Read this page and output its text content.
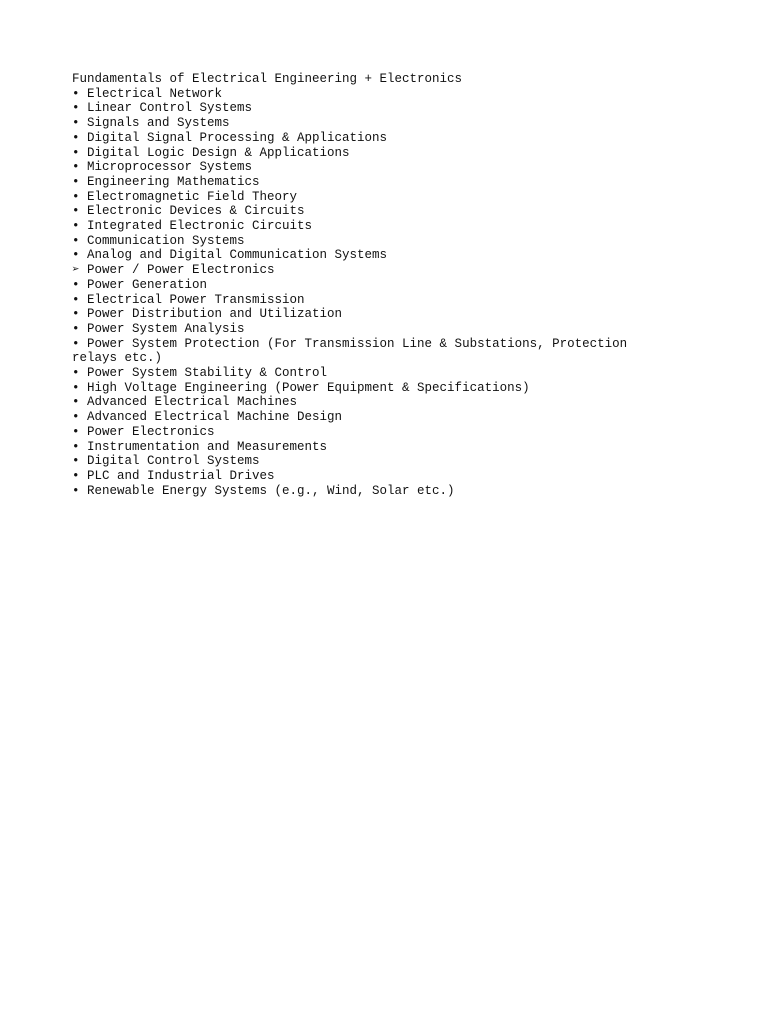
Fundamentals of Electrical Engineering + Electronics

• Electrical Network

• Linear Control Systems

• Signals and Systems

• Digital Signal Processing & Applications

• Digital Logic Design & Applications

• Microprocessor Systems

• Engineering Mathematics

• Electromagnetic Field Theory

• Electronic Devices & Circuits

• Integrated Electronic Circuits

• Communication Systems

• Analog and Digital Communication Systems

➢ Power / Power Electronics

• Power Generation

• Electrical Power Transmission

• Power Distribution and Utilization

• Power System Analysis

• Power System Protection (For Transmission Line & Substations, Protection relays etc.)

• Power System Stability & Control

• High Voltage Engineering (Power Equipment & Specifications)

• Advanced Electrical Machines

• Advanced Electrical Machine Design

• Power Electronics

• Instrumentation and Measurements

• Digital Control Systems

• PLC and Industrial Drives

• Renewable Energy Systems (e.g., Wind, Solar etc.)
